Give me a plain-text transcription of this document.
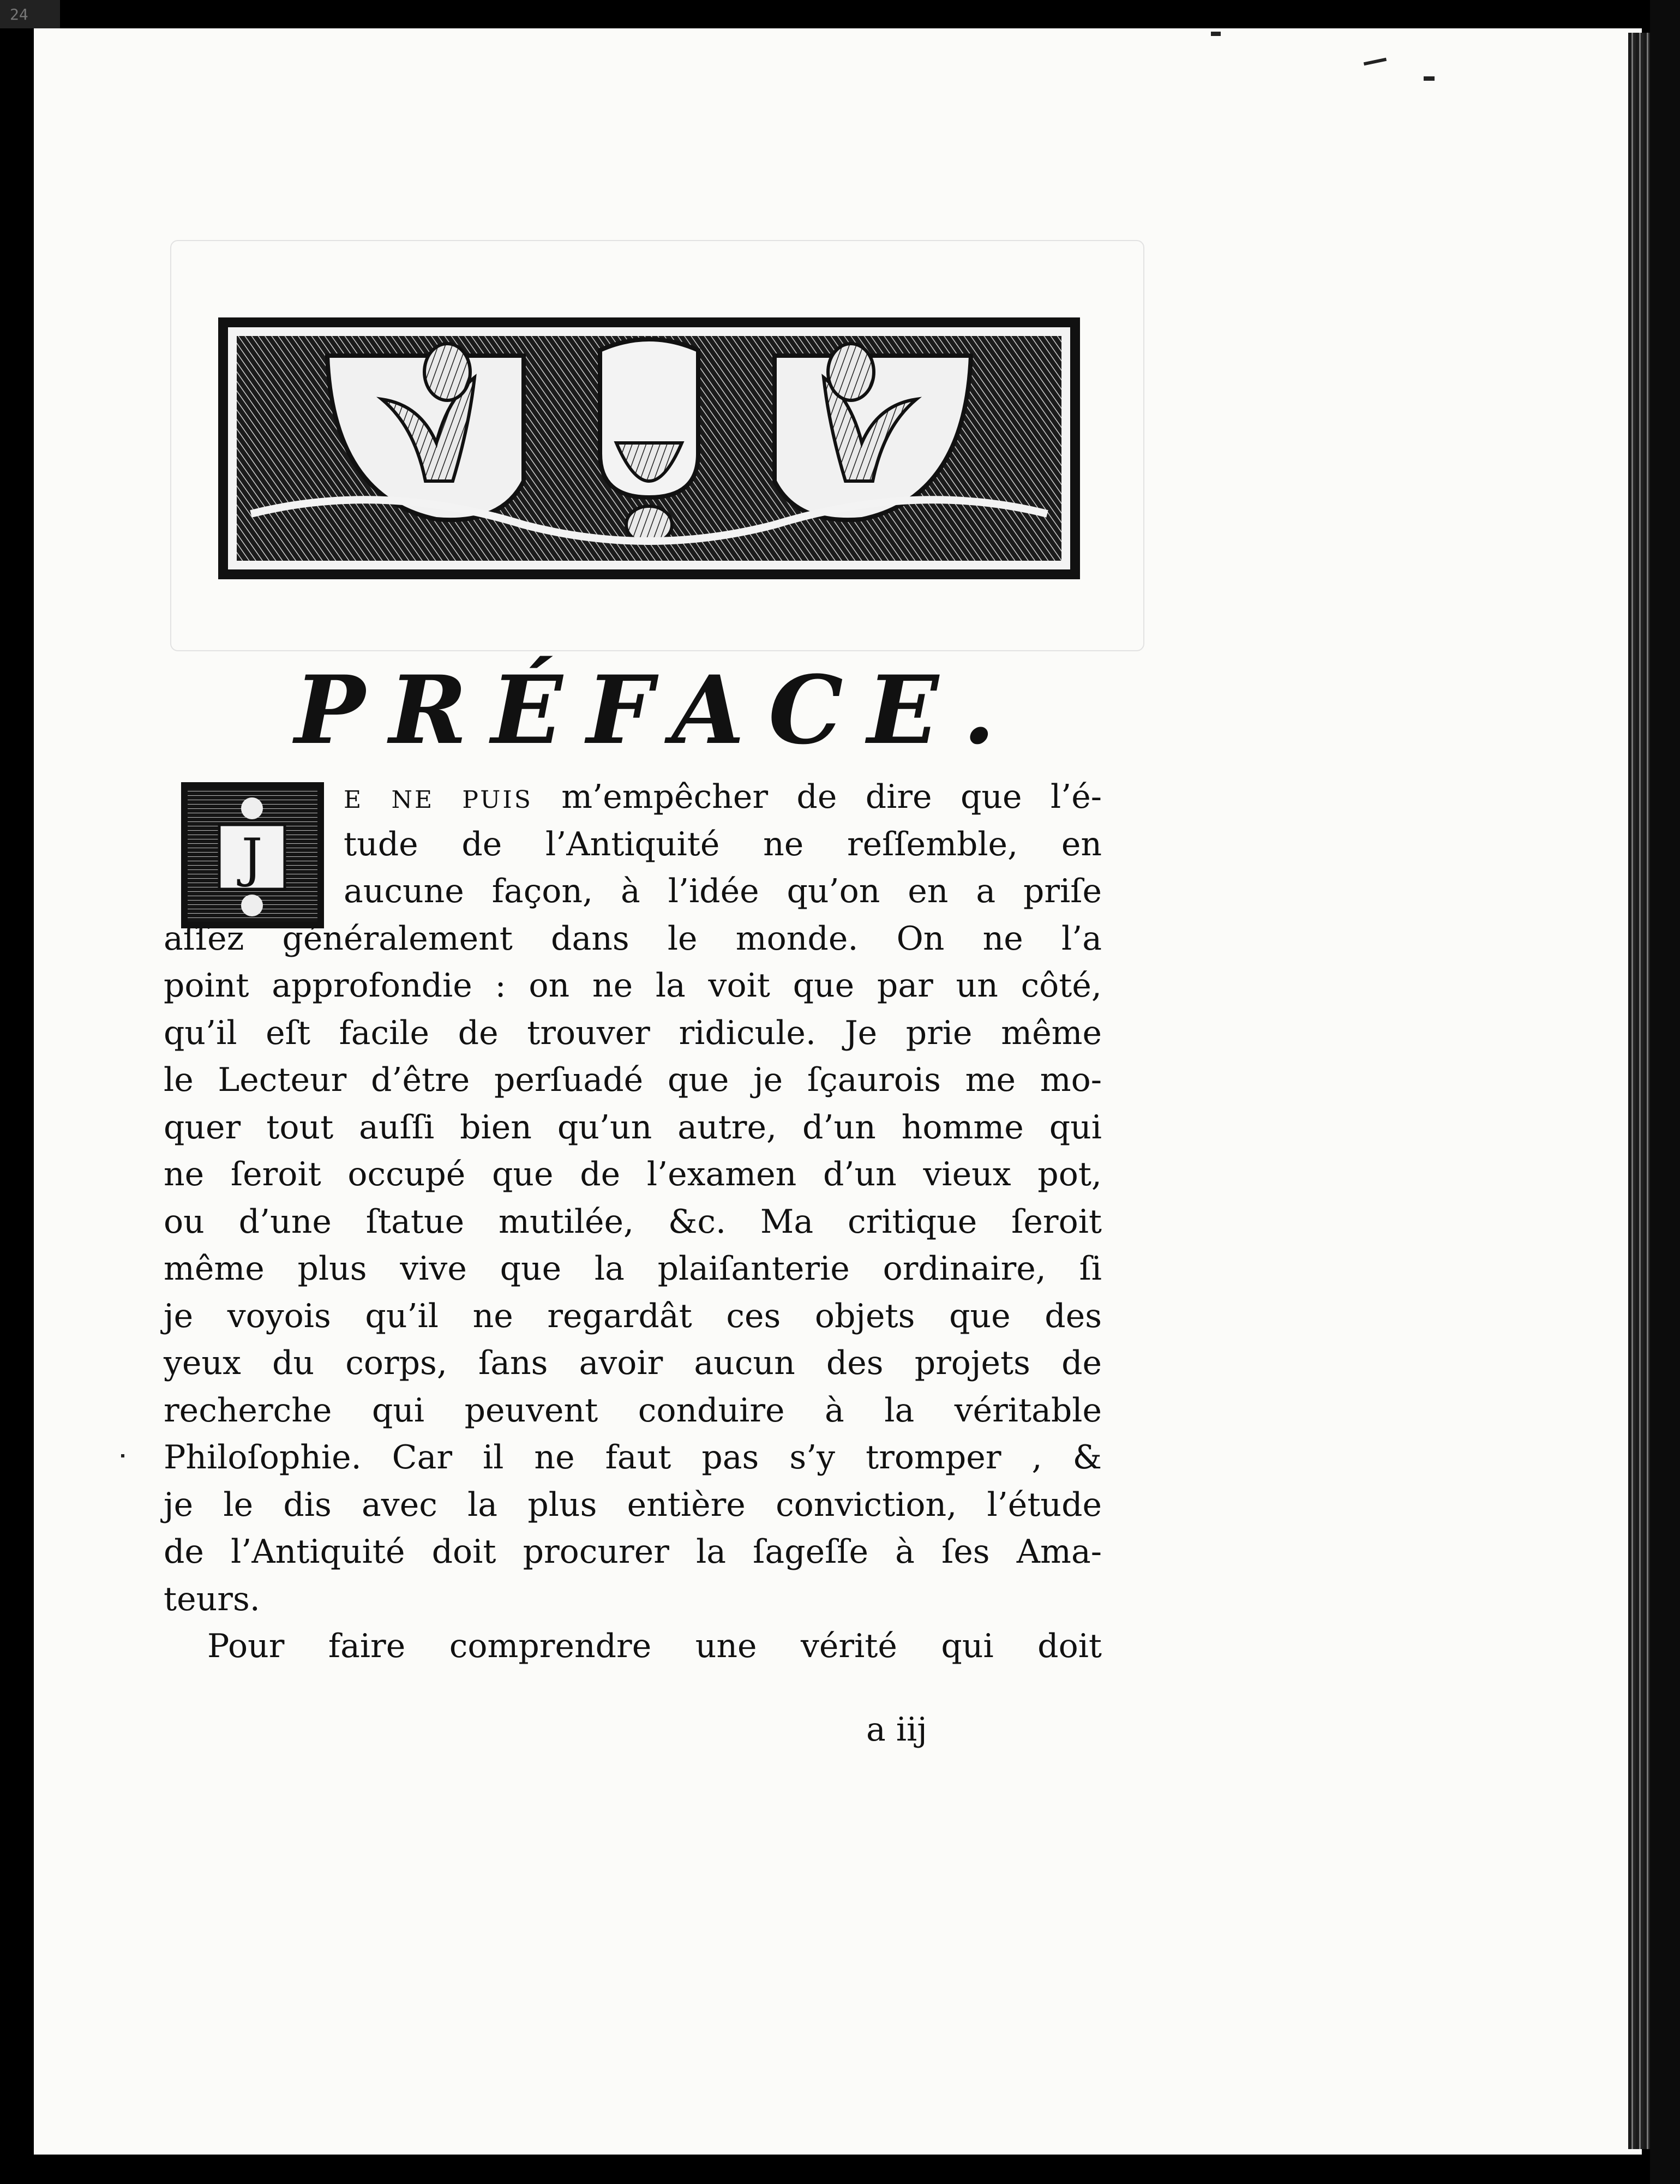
24
PRÉFACE.
J
E NE PUIS m’empêcher de dire que l’é-
tude de l’Antiquité ne reſſemble, en
aucune façon, à l’idée qu’on en a priſe
aſſez généralement dans le monde. On ne l’a
point approfondie : on ne la voit que par un côté,
qu’il eſt facile de trouver ridicule. Je prie même
le Lecteur d’être perſuadé que je ſçaurois me mo-
quer tout auſſi bien qu’un autre, d’un homme qui
ne ſeroit occupé que de l’examen d’un vieux pot,
ou d’une ſtatue mutilée, &c. Ma critique ſeroit
même plus vive que la plaiſanterie ordinaire, ſi
je voyois qu’il ne regardât ces objets que des
yeux du corps, ſans avoir aucun des projets de
recherche qui peuvent conduire à la véritable
Philoſophie. Car il ne faut pas s’y tromper , &
je le dis avec la plus entière conviction, l’étude
de l’Antiquité doit procurer la ſageſſe à ſes Ama-
teurs.
Pour faire comprendre une vérité qui doit
a iij
